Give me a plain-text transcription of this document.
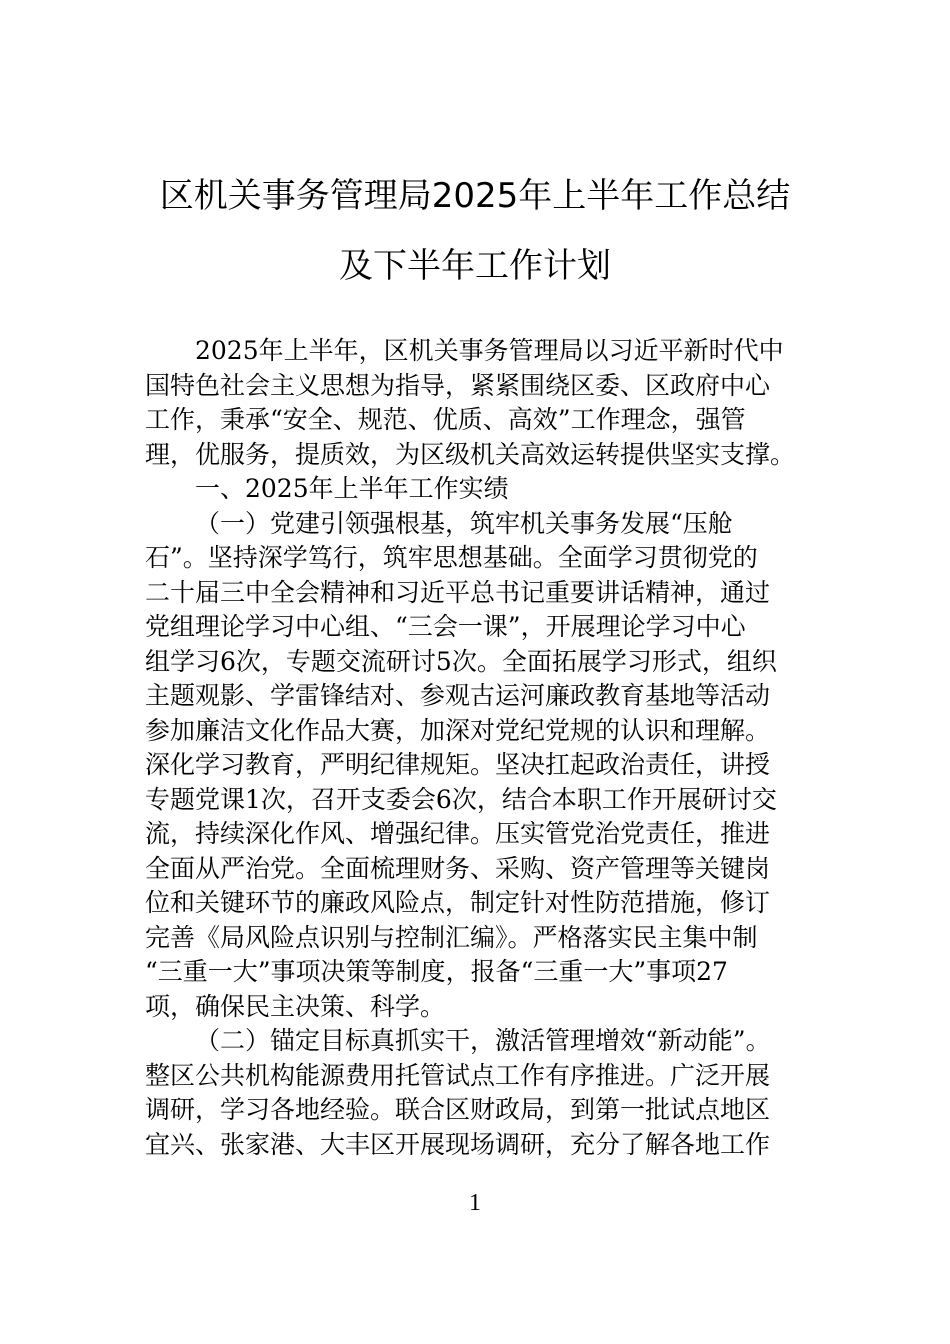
区机关事务管理局2025年上半年工作总结
及下半年工作计划
2025年上半年，区机关事务管理局以习近平新时代中
国特色社会主义思想为指导，紧紧围绕区委、区政府中心
工作，秉承“安全、规范、优质、高效”工作理念，强管
理，优服务，提质效，为区级机关高效运转提供坚实支撑。
一、2025年上半年工作实绩
（一）党建引领强根基，筑牢机关事务发展“压舱
石”。坚持深学笃行，筑牢思想基础。全面学习贯彻党的
二十届三中全会精神和习近平总书记重要讲话精神，通过
党组理论学习中心组、“三会一课”，开展理论学习中心
组学习6次，专题交流研讨5次。全面拓展学习形式，组织
主题观影、学雷锋结对、参观古运河廉政教育基地等活动
参加廉洁文化作品大赛，加深对党纪党规的认识和理解。
深化学习教育，严明纪律规矩。坚决扛起政治责任，讲授
专题党课1次，召开支委会6次，结合本职工作开展研讨交
流，持续深化作风、增强纪律。压实管党治党责任，推进
全面从严治党。全面梳理财务、采购、资产管理等关键岗
位和关键环节的廉政风险点，制定针对性防范措施，修订
完善《局风险点识别与控制汇编》。严格落实民主集中制
“三重一大”事项决策等制度，报备“三重一大”事项27
项，确保民主决策、科学。
（二）锚定目标真抓实干，激活管理增效“新动能”。
整区公共机构能源费用托管试点工作有序推进。广泛开展
调研，学习各地经验。联合区财政局，到第一批试点地区
宜兴、张家港、大丰区开展现场调研，充分了解各地工作
1
